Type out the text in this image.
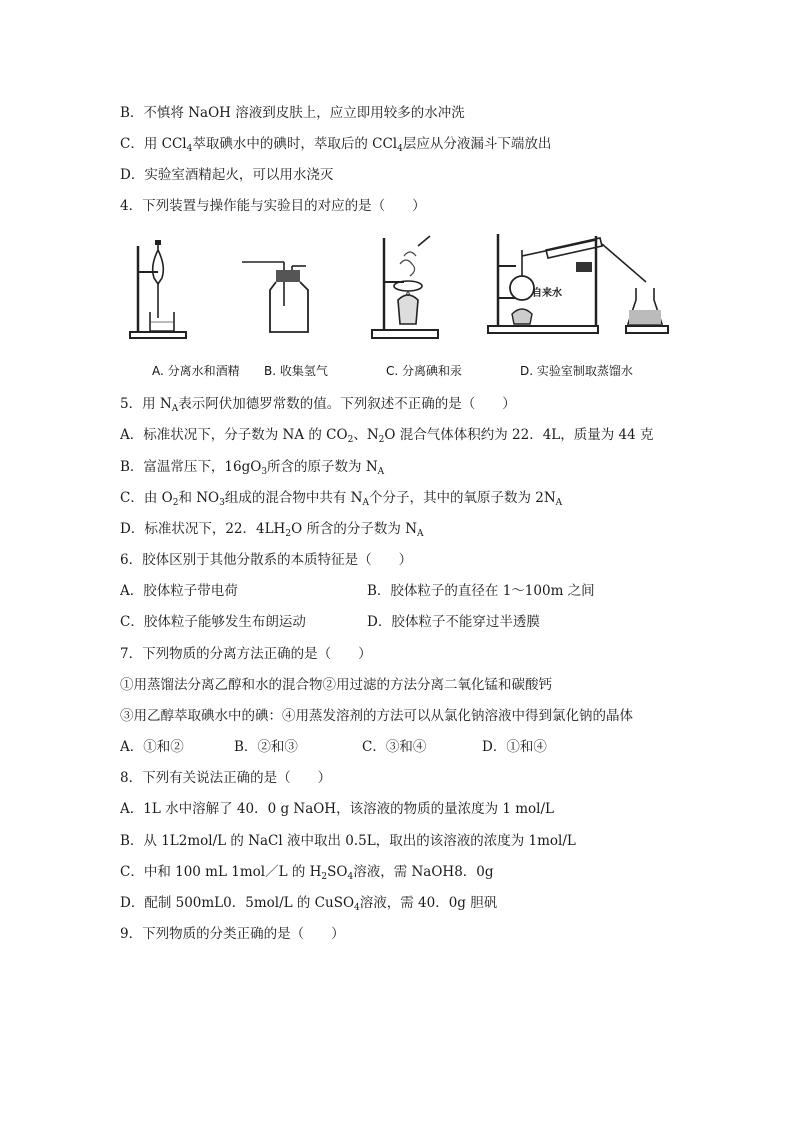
B．不慎将 NaOH 溶液到皮肤上，应立即用较多的水冲洗
C．用 CCl$_4$萃取碘水中的碘时，萃取后的 CCl$_4$层应从分液漏斗下端放出
D．实验室酒精起火，可以用水浇灭
4．下列装置与操作能与实验目的对应的是（　　）
A. 分离水和酒精 B. 收集氢气	C. 分离碘和汞
自来水
D. 实验室制取蒸馏水
5．用 $N_A$表示阿伏加德罗常数的值。下列叙述不正确的是（　　）
A．标准状况下，分子数为 NA 的 $CO_2$、$N_2O$ 混合气体体积约为 22．4L，质量为 44 克
B．富温常压下，$16gO_3$所含的原子数为 $N_A$
C．由 $O_2$和 $NO_3$组成的混合物中共有 $N_A$个分子，其中的氧原子数为 $2N_A$
D．标准状况下，22．$4LH_2O$ 所含的分子数为 $N_A$
6．胶体区别于其他分散系的本质特征是（　　）
A．胶体粒子带电荷	B．胶体粒子的直径在 1～100m 之间
C．胶体粒子能够发生布朗运动	D．胶体粒子不能穿过半透膜
7．下列物质的分离方法正确的是（　　）
①用蒸馏法分离乙醇和水的混合物②用过滤的方法分离二氧化锰和碳酸钙
③用乙醇萃取碘水中的碘：④用蒸发溶剂的方法可以从氯化钠溶液中得到氯化钠的晶体
A．①和②	B．②和③	C．③和④	D．①和④
8．下列有关说法正确的是（　　）
A．1L 水中溶解了 40．0 g NaOH，该溶液的物质的量浓度为 1 mol/L
B．从 1L2mol/L 的 NaCl 液中取出 0.5L，取出的该溶液的浓度为 1mol/L
C．中和 100 mL 1mol／L 的 $H_2SO_4$溶液，需 NaOH8．0g
D．配制 500mL0．5mol/L 的 CuSO$_4$溶液，需 40．0g 胆矾
9．下列物质的分类正确的是（　　）
